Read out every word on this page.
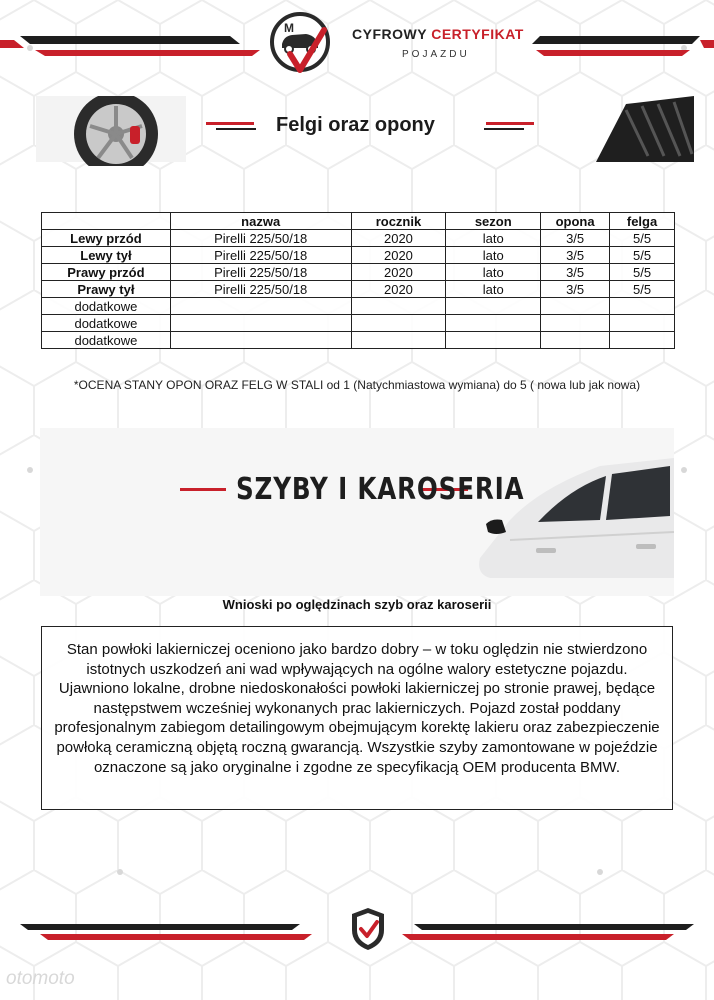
M	CYFROWY CERTYFIKAT
POJAZDU
Felgi oraz opony
	nazwa	rocznik	sezon	opona	felga
Lewy przód	Pirelli 225/50/18	2020	lato	3/5	5/5
Lewy tył	Pirelli 225/50/18	2020	lato	3/5	5/5
Prawy przód	Pirelli 225/50/18	2020	lato	3/5	5/5
Prawy tył	Pirelli 225/50/18	2020	lato	3/5	5/5
dodatkowe					
dodatkowe					
dodatkowe					
*OCENA STANY OPON ORAZ FELG W STALI od 1 (Natychmiastowa wymiana) do 5 ( nowa lub jak nowa)
SZYBY I KAROSERIA
Wnioski po oględzinach szyb oraz karoserii
Stan powłoki lakierniczej oceniono jako bardzo dobry – w toku oględzin nie stwierdzono istotnych uszkodzeń ani wad wpływających na ogólne walory estetyczne pojazdu. Ujawniono lokalne, drobne niedoskonałości powłoki lakierniczej po stronie prawej, będące następstwem wcześniej wykonanych prac lakierniczych. Pojazd został poddany profesjonalnym zabiegom detailingowym obejmującym korektę lakieru oraz zabezpieczenie powłoką ceramiczną objętą roczną gwarancją. Wszystkie szyby zamontowane w pojeździe oznaczone są jako oryginalne i zgodne ze specyfikacją OEM producenta BMW.
otomoto
